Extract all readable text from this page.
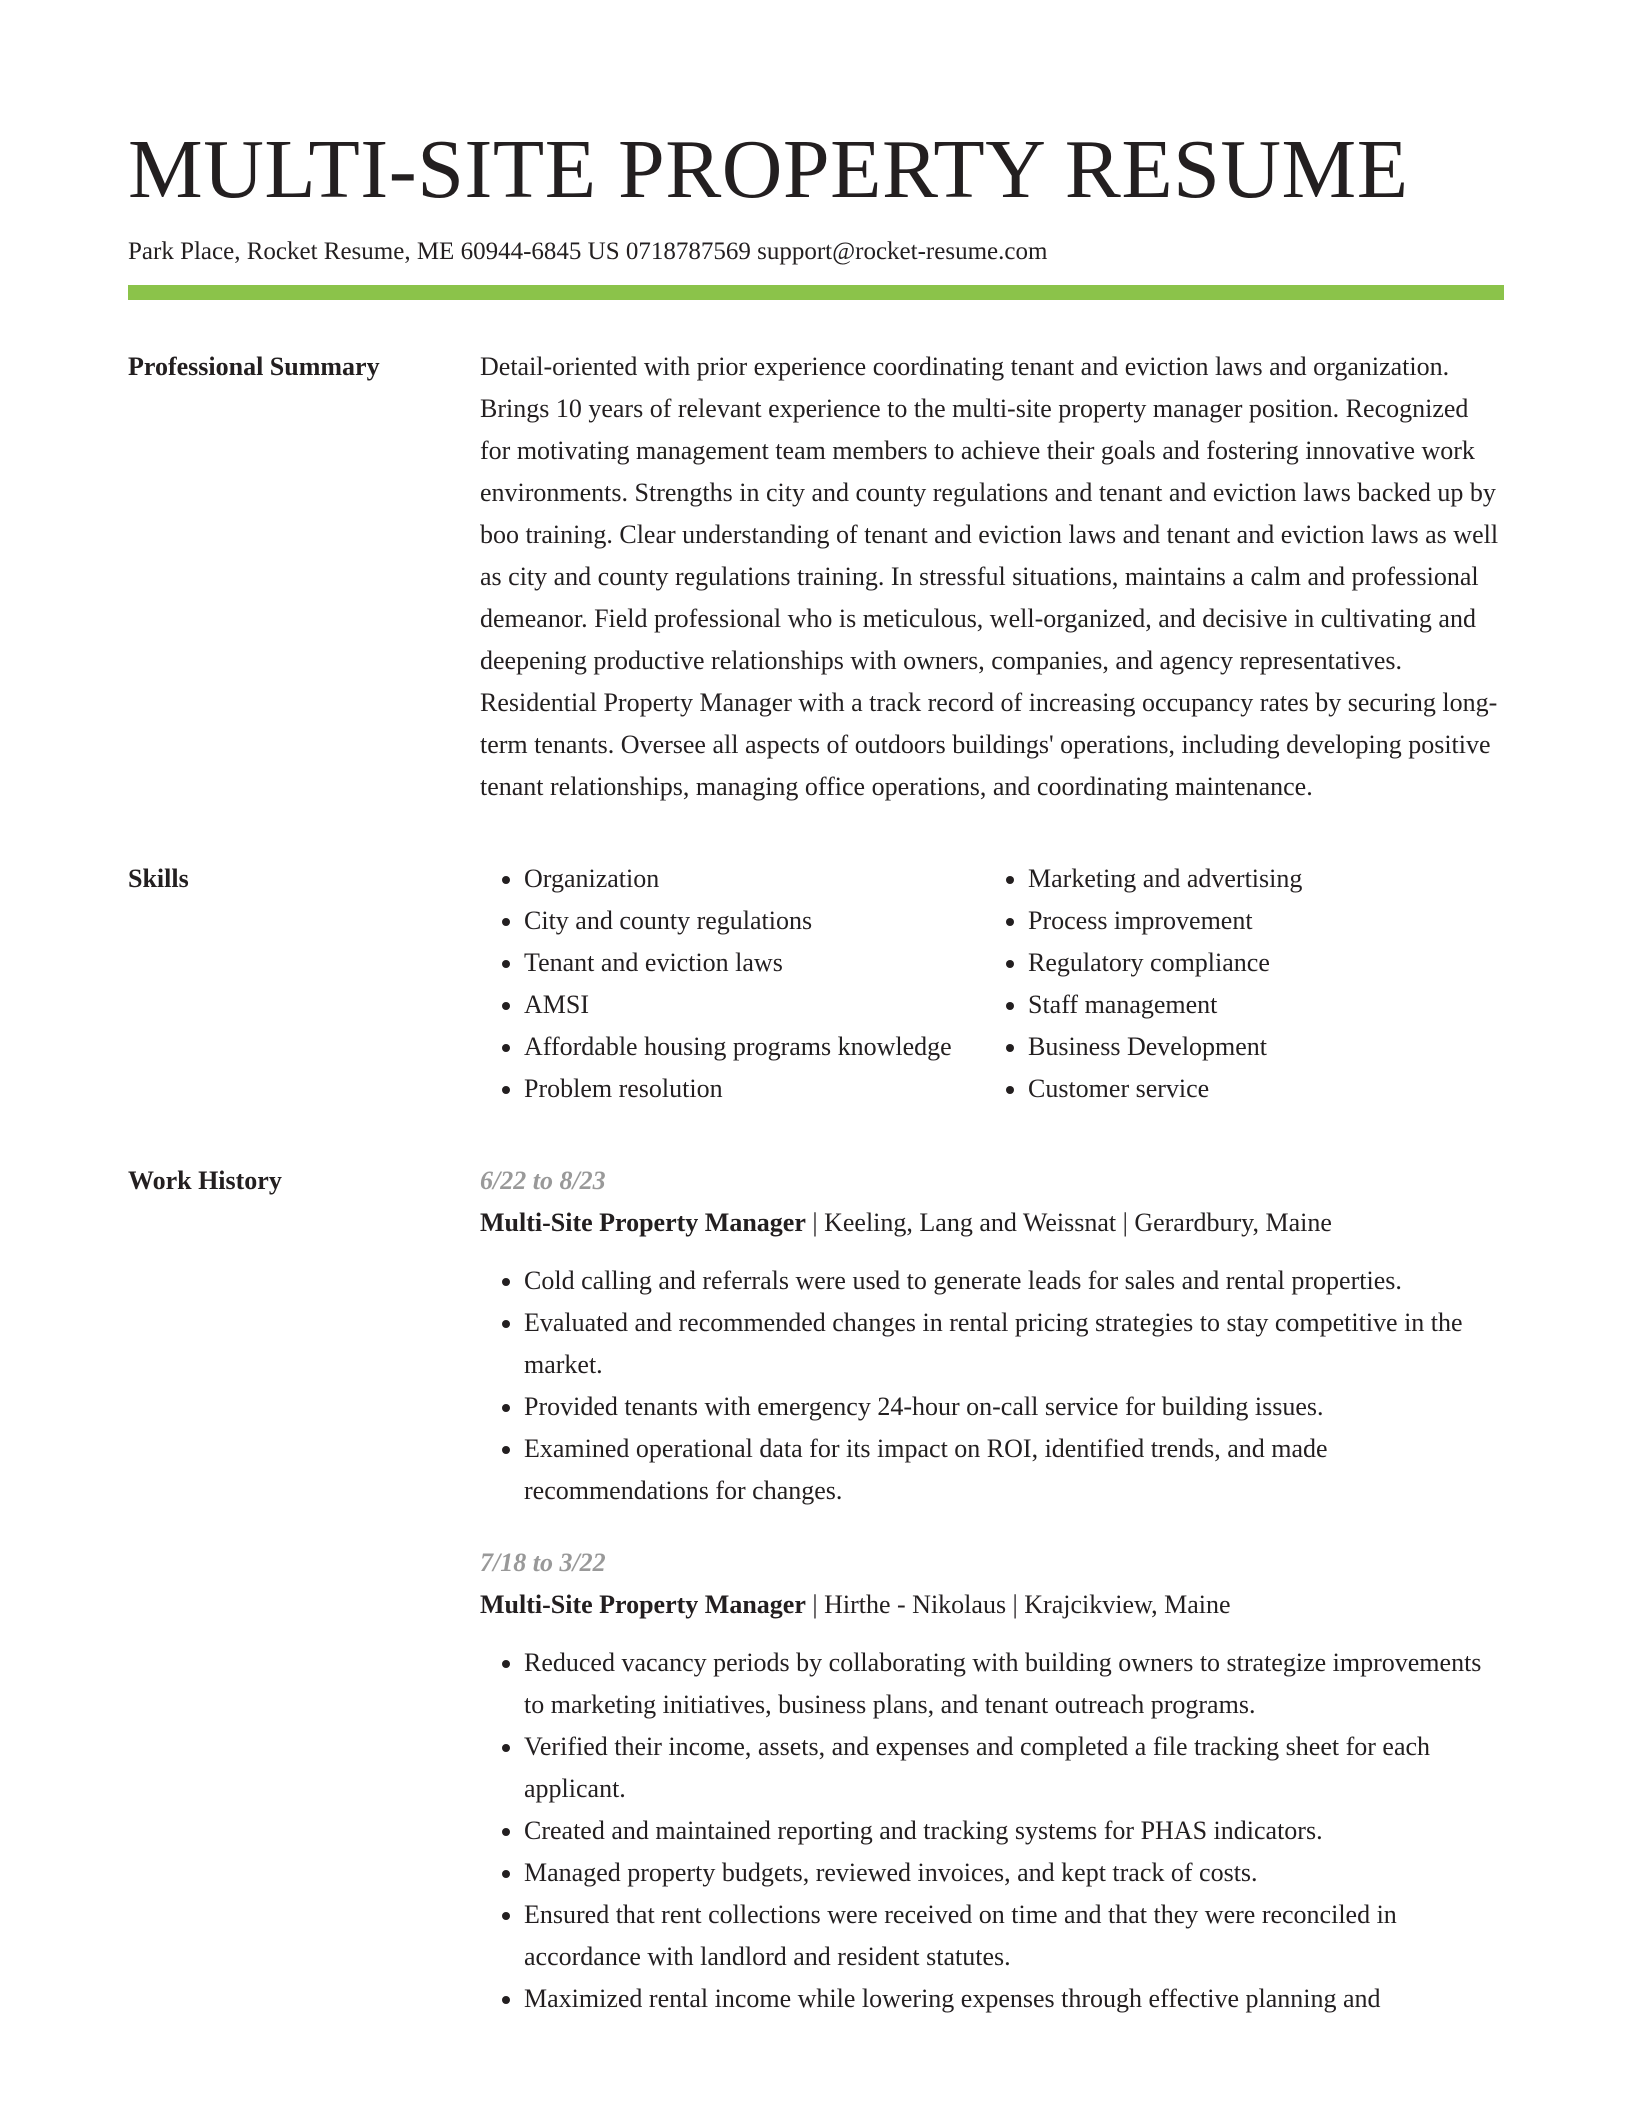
MULTI-SITE PROPERTY RESUME
Park Place, Rocket Resume, ME 60944-6845 US 0718787569 support@rocket-resume.com
Professional Summary	Detail-oriented with prior experience coordinating tenant and eviction laws and organization. Brings 10 years of relevant experience to the multi-site property manager position. Recognized for motivating management team members to achieve their goals and fostering innovative work environments. Strengths in city and county regulations and tenant and eviction laws backed up by boo training. Clear understanding of tenant and eviction laws and tenant and eviction laws as well as city and county regulations training. In stressful situations, maintains a calm and professional demeanor. Field professional who is meticulous, well-organized, and decisive in cultivating and deepening productive relationships with owners, companies, and agency representatives. Residential Property Manager with a track record of increasing occupancy rates by securing long-term tenants. Oversee all aspects of outdoors buildings' operations, including developing positive tenant relationships, managing office operations, and coordinating maintenance.

Skills
•	Organization
• City and county regulations
• Tenant and eviction laws
• AMSI
• Affordable housing programs knowledge
• Problem resolution
• Marketing and advertising
• Process improvement
• Regulatory compliance
• Staff management
• Business Development
• Customer service
Work History	6/22 to 8/23
Multi-Site Property Manager | Keeling, Lang and Weissnat | Gerardbury, Maine
• Cold calling and referrals were used to generate leads for sales and rental properties.
• Evaluated and recommended changes in rental pricing strategies to stay competitive in the market.
• Provided tenants with emergency 24-hour on-call service for building issues.
• Examined operational data for its impact on ROI, identified trends, and made recommendations for changes.
7/18 to 3/22
Multi-Site Property Manager | Hirthe - Nikolaus | Krajcikview, Maine
• Reduced vacancy periods by collaborating with building owners to strategize improvements to marketing initiatives, business plans, and tenant outreach programs.
• Verified their income, assets, and expenses and completed a file tracking sheet for each applicant.
• Created and maintained reporting and tracking systems for PHAS indicators.
• Managed property budgets, reviewed invoices, and kept track of costs.
• Ensured that rent collections were received on time and that they were reconciled in accordance with landlord and resident statutes.
• Maximized rental income while lowering expenses through effective planning and
